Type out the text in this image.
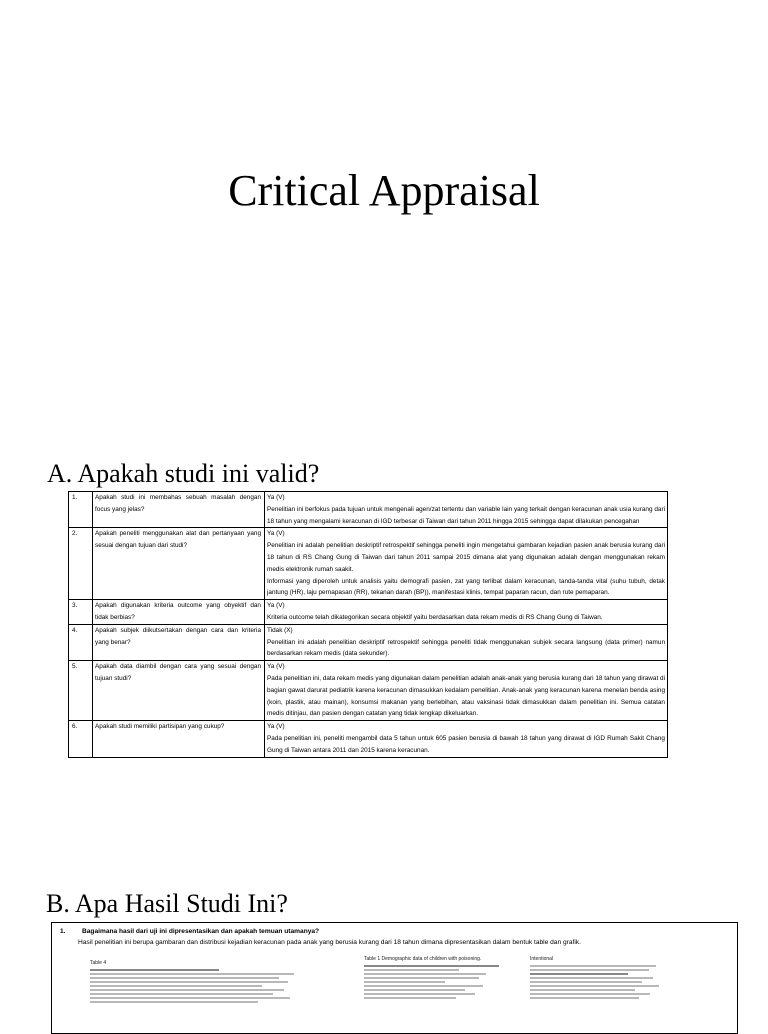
Critical Appraisal
A. Apakah studi ini valid?
1.	Apakah studi ini membahas sebuah masalah dengan focus yang jelas?	Ya (V)
Penelitian ini berfokus pada tujuan untuk mengenali agen/zat tertentu dan variable lain yang terkait dengan keracunan anak usia kurang dari 18 tahun yang mengalami keracunan di IGD terbesar di Taiwan dari tahun 2011 hingga 2015 sehingga dapat dilakukan pencegahan

2.	Apakah peneliti menggunakan alat dan pertanyaan yang sesuai dengan tujuan dari studi?	Ya (V)
Penelitian ini adalah penelitian deskriptif retrospektif sehingga peneliti ingin mengetahui gambaran kejadian pasien anak berusia kurang dari 18 tahun di RS Chang Gung di Taiwan dari tahun 2011 sampai 2015 dimana alat yang digunakan adalah dengan menggunakan rekam medis elektronik rumah saakit.
Informasi yang diperoleh untuk analisis yaitu demografi pasien, zat yang terlibat dalam keracunan, tanda-tanda vital (suhu tubuh, detak jantung (HR), laju pernapasan (RR), tekanan darah (BP)), manifestasi klinis, tempat paparan racun, dan rute pemaparan.

3.	Apakah digunakan kriteria outcome yang obyektif dan tidak berbias?	Ya (V)
Kriteria outcome telah dikategorikan secara objektif yaitu berdasarkan data rekam medis di RS Chang Gung di Taiwan.

4.	Apakah subjek diikutsertakan dengan cara dan kriteria yang benar?	Tidak (X)
Penelitian ini adalah penelitian deskriptif retrospektif sehingga peneliti tidak menggunakan subjek secara langsung (data primer) namun berdasarkan rekam medis (data sekunder).

5.	Apakah data diambil dengan cara yang sesuai dengan tujuan studi?	Ya (V)
Pada penelitian ini, data rekam medis yang digunakan dalam penelitian adalah anak-anak yang berusia kurang dari 18 tahun yang dirawat di bagian gawat darurat pediatrik karena keracunan dimasukkan kedalam penelitian. Anak-anak yang keracunan karena menelan benda asing (koin, plastik, atau mainan), konsumsi makanan yang berlebihan, atau vaksinasi tidak dimasukkan dalam penelitian ini. Semua catatan medis ditinjau, dan pasien dengan catatan yang tidak lengkap dikeluarkan.

6.	Apakah studi memiliki partisipan yang cukup?	Ya (V)
Pada penelitian ini, peneliti mengambil data 5 tahun untuk 605 pasien berusia di bawah 18 tahun yang dirawat di IGD Rumah Sakit Chang Gung di Taiwan antara 2011 dan 2015 karena keracunan.
B. Apa Hasil Studi Ini?
1.	Bagaimana hasil dari uji ini dipresentasikan dan apakah temuan utamanya?
Hasil penelitian ini berupa gambaran dan distribusi kejadian keracunan pada anak yang berusia kurang dari 18 tahun dimana dipresentasikan dalam bentuk table dan grafik.
Table 4
Table 1 Demographic data of children with poisoning.	Intentional
